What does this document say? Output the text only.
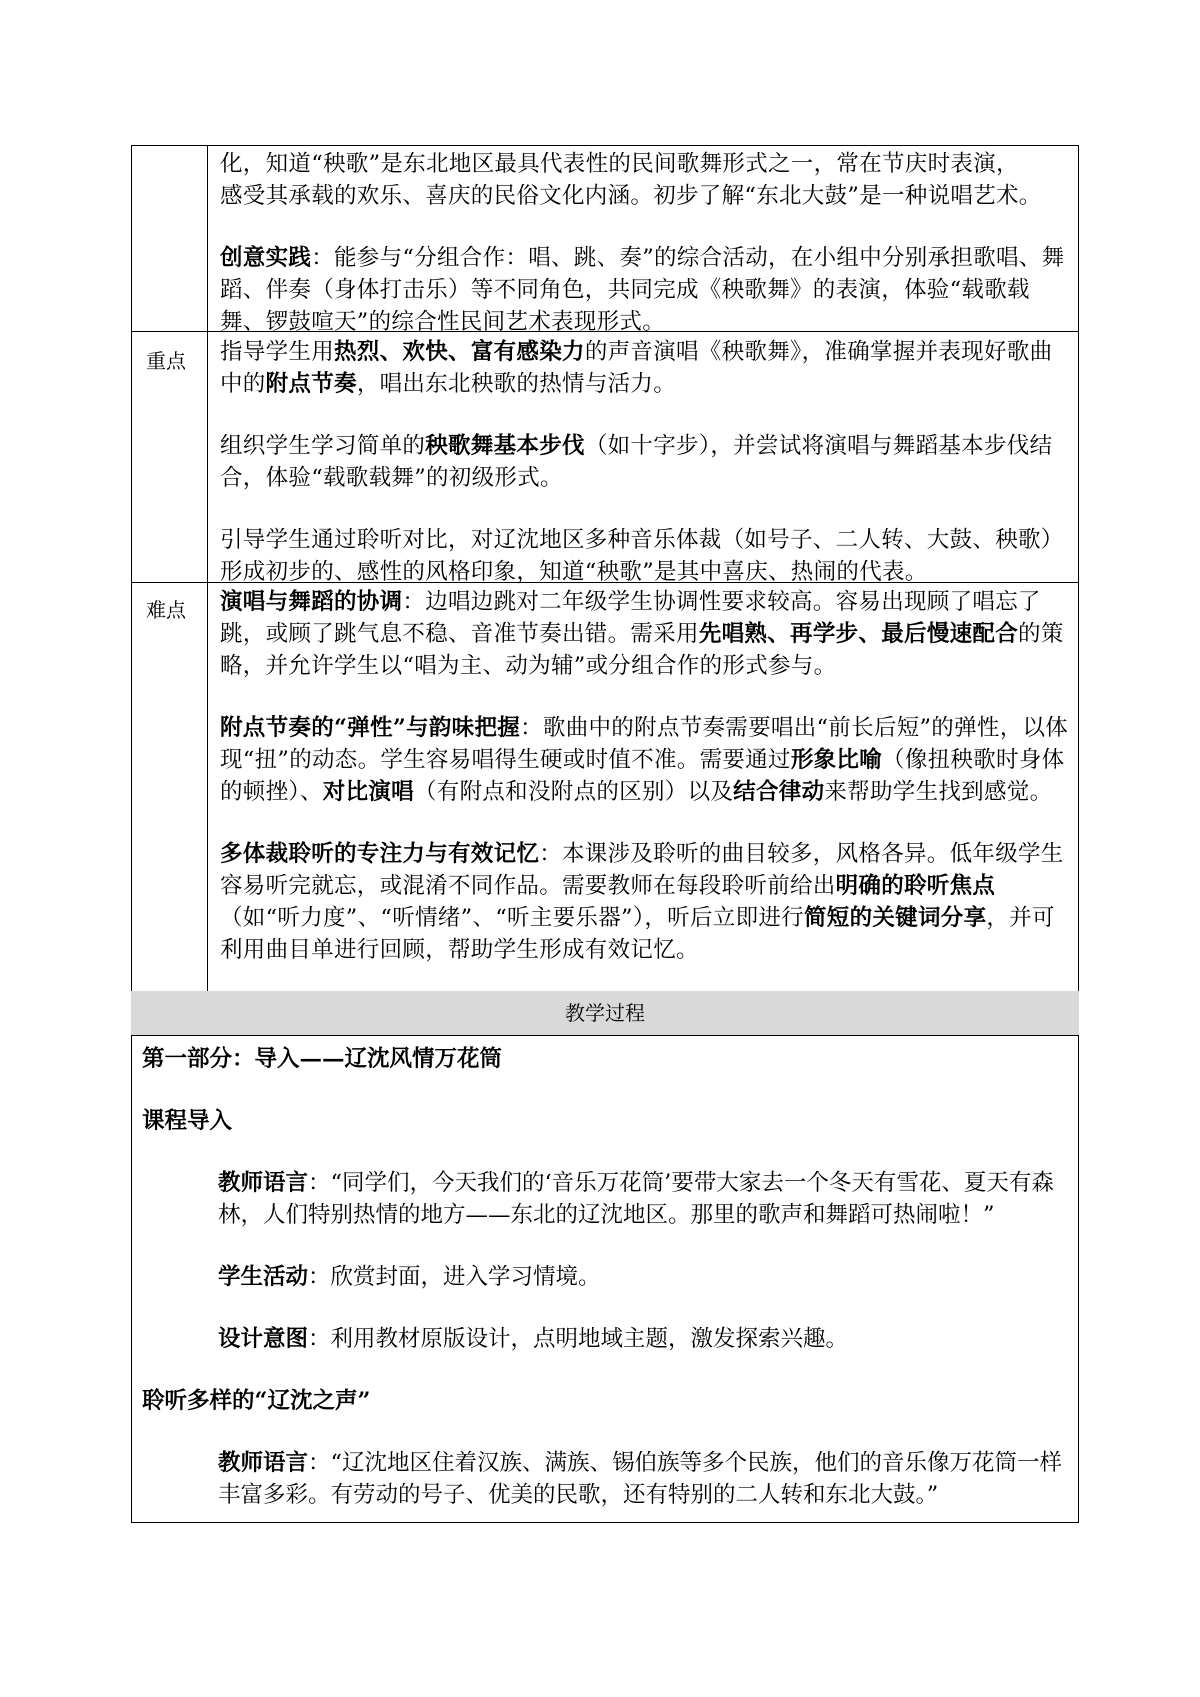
化，知道“秧歌”是东北地区最具代表性的民间歌舞形式之一，常在节庆时表演，

感受其承载的欢乐、喜庆的民俗文化内涵。初步了解“东北大鼓”是一种说唱艺术。

创意实践：能参与“分组合作：唱、跳、奏”的综合活动，在小组中分别承担歌唱、舞蹈、伴奏（身体打击乐）等不同角色，共同完成《秧歌舞》的表演，体验“载歌载舞、锣鼓喧天”的综合性民间艺术表现形式。

重点 指导学生用热烈、欢快、富有感染力的声音演唱《秧歌舞》，准确掌握并表现好歌曲中的附点节奏，唱出东北秧歌的热情与活力。

组织学生学习简单的秧歌舞基本步伐（如十字步），并尝试将演唱与舞蹈基本步伐结合，体验“载歌载舞”的初级形式。

引导学生通过聆听对比，对辽沈地区多种音乐体裁（如号子、二人转、大鼓、秧歌）形成初步的、感性的风格印象，知道“秧歌”是其中喜庆、热闹的代表。

难点 演唱与舞蹈的协调：边唱边跳对二年级学生协调性要求较高。容易出现顾了唱忘了跳，或顾了跳气息不稳、音准节奏出错。需采用先唱熟、再学步、最后慢速配合的策略，并允许学生以“唱为主、动为辅”或分组合作的形式参与。

附点节奏的“弹性”与韵味把握：歌曲中的附点节奏需要唱出“前长后短”的弹性，以体现“扭”的动态。学生容易唱得生硬或时值不准。需要通过形象比喻（像扭秧歌时身体的顿挫）、对比演唱（有附点和没附点的区别）以及结合律动来帮助学生找到感觉。

多体裁聆听的专注力与有效记忆：本课涉及聆听的曲目较多，风格各异。低年级学生容易听完就忘，或混淆不同作品。需要教师在每段聆听前给出明确的聆听焦点（如“听力度”、“听情绪”、“听主要乐器”），听后立即进行简短的关键词分享，并可利用曲目单进行回顾，帮助学生形成有效记忆。

教学过程

第一部分：导入——辽沈风情万花筒

课程导入

教师语言：“同学们，今天我们的‘音乐万花筒’要带大家去一个冬天有雪花、夏天有森林，人们特别热情的地方——东北的辽沈地区。那里的歌声和舞蹈可热闹啦！”

学生活动：欣赏封面，进入学习情境。

设计意图：利用教材原版设计，点明地域主题，激发探索兴趣。

聆听多样的“辽沈之声”

教师语言：“辽沈地区住着汉族、满族、锡伯族等多个民族，他们的音乐像万花筒一样丰富多彩。有劳动的号子、优美的民歌，还有特别的二人转和东北大鼓。”
